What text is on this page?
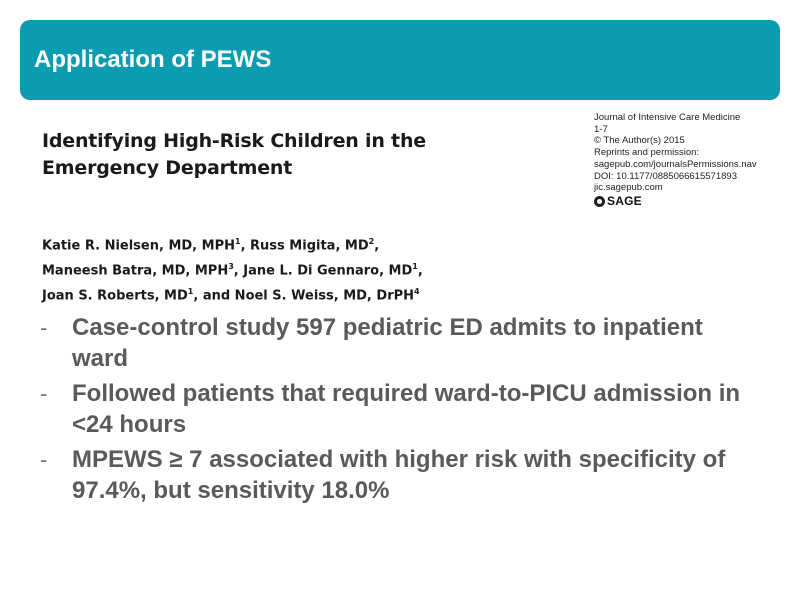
Application of PEWS
Journal of Intensive Care Medicine
1-7
© The Author(s) 2015
Reprints and permission:
sagepub.com/journalsPermissions.nav
DOI: 10.1177/0885066615571893
jic.sagepub.com
SAGE
Identifying High-Risk Children in the
Emergency Department
Katie R. Nielsen, MD, MPH$^1$, Russ Migita, $MD^2$,
Maneesh Batra, MD, MPH$^3$, Jane L. Di Gennaro, $MD^1$,
Joan S. Roberts, $MD^1$, and Noel S. Weiss, MD, DrPH$^4$
-	Case-control study 597 pediatric ED admits to inpatient ward
-	Followed patients that required ward-to-PICU admission in <24 hours
-	MPEWS ≥ 7 associated with higher risk with specificity of 97.4%, but sensitivity 18.0%
